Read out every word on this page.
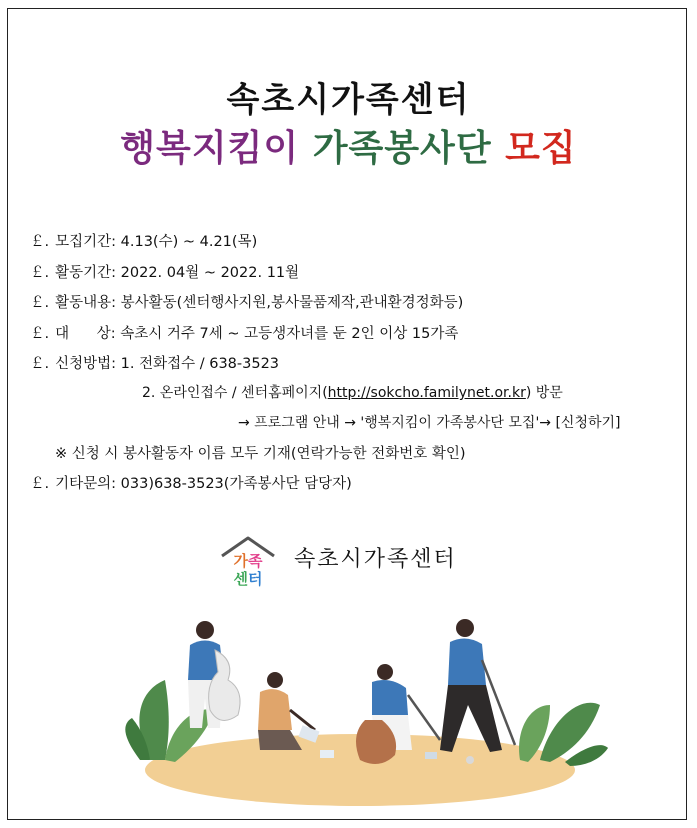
속초시가족센터
행복지킴이 가족봉사단 모집
￡. 모집기간: 4.13(수) ~ 4.21(목)
￡. 활동기간: 2022. 04월 ~ 2022. 11월
￡. 활동내용: 봉사활동(센터행사지원,봉사물품제작,관내환경정화등)
￡. 대      상: 속초시 거주 7세 ~ 고등생자녀를 둔 2인 이상 15가족
￡. 신청방법: 1. 전화접수 / 638-3523
2. 온라인접수 / 센터홈페이지(http://sokcho.familynet.or.kr) 방문
→ 프로그램 안내 → '행복지킴이 가족봉사단 모집'→ [신청하기]
※ 신청 시 봉사활동자 이름 모두 기재(연락가능한 전화번호 확인)
￡. 기타문의: 033)638-3523(가족봉사단 담당자)
가족
센터
속초시가족센터
